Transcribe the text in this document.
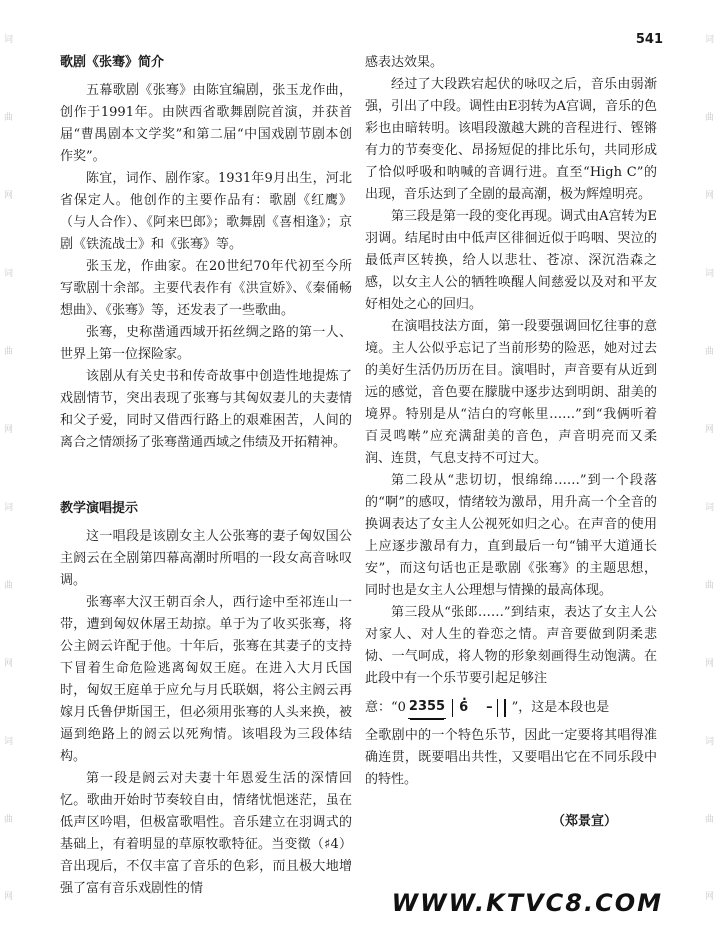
词
曲
网
词
曲
网
词
曲
网
词
曲
网
词
曲
网
词
曲
网
词
曲
网
词
曲
网
541
歌剧《张骞》简介

五幕歌剧《张骞》由陈宜编剧，张玉龙作曲，创作于1991年。由陕西省歌舞剧院首演，并获首届“曹禺剧本文学奖”和第二届“中国戏剧节剧本创作奖”。

陈宜，词作、剧作家。1931年9月出生，河北省保定人。他创作的主要作品有：歌剧《红鹰》（与人合作）、《阿来巴郎》；歌舞剧《喜相逢》；京剧《铁流战士》和《张骞》等。

张玉龙，作曲家。在20世纪70年代初至今所写歌剧十余部。主要代表作有《洪宣娇》、《秦俑畅想曲》、《张骞》等，还发表了一些歌曲。

张骞，史称凿通西域开拓丝绸之路的第一人、世界上第一位探险家。

该剧从有关史书和传奇故事中创造性地提炼了戏剧情节，突出表现了张骞与其匈奴妻儿的夫妻情和父子爱，同时又借西行路上的艰难困苦，人间的离合之情颂扬了张骞凿通西域之伟绩及开拓精神。

教学演唱提示

这一唱段是该剧女主人公张骞的妻子匈奴国公主阏云在全剧第四幕高潮时所唱的一段女高音咏叹调。

张骞率大汉王朝百余人，西行途中至祁连山一带，遭到匈奴休屠王劫掠。单于为了收买张骞，将公主阏云许配于他。十年后，张骞在其妻子的支持下冒着生命危险逃离匈奴王庭。在进入大月氏国时，匈奴王庭单于应允与月氏联姻，将公主阏云再嫁月氏鲁伊斯国王，但必须用张骞的人头来换，被逼到绝路上的阏云以死殉情。该唱段为三段体结构。

第一段是阏云对夫妻十年恩爱生活的深情回忆。歌曲开始时节奏较自由，情绪忧悒迷茫，虽在低声区吟唱，但极富歌唱性。音乐建立在羽调式的基础上，有着明显的草原牧歌特征。当变徵（♯4）音出现后，不仅丰富了音乐的色彩，而且极大地增强了富有音乐戏剧性的情

感表达效果。

经过了大段跌宕起伏的咏叹之后，音乐由弱渐强，引出了中段。调性由E羽转为A宫调，音乐的色彩也由暗转明。该唱段激越大跳的音程进行、铿锵有力的节奏变化、昂扬短促的排比乐句，共同形成了恰似呼吸和呐喊的音调行进。直至“High C”的出现，音乐达到了全剧的最高潮，极为辉煌明亮。

第三段是第一段的变化再现。调式由A宫转为E羽调。结尾时由中低声区徘徊近似于呜咽、哭泣的最低声区转换，给人以悲壮、苍凉、深沉浩森之感，以女主人公的牺牲唤醒人间慈爱以及对和平友好相处之心的回归。

在演唱技法方面，第一段要强调回忆往事的意境。主人公似乎忘记了当前形势的险恶，她对过去的美好生活仍历历在目。演唱时，声音要有从近到远的感觉，音色要在朦胧中逐步达到明朗、甜美的境界。特别是从“洁白的穹帐里……”到“我俩听着百灵鸣啭”应充满甜美的音色，声音明亮而又柔润、连贯，气息支持不可过大。

第二段从“悲切切，恨绵绵……”到一个段落的“啊”的感叹，情绪较为激昂，用升高一个全音的换调表达了女主人公视死如归之心。在声音的使用上应逐步激昂有力，直到最后一句“铺平大道通长安”，而这句话也正是歌剧《张骞》的主题思想，同时也是女主人公理想与情操的最高体现。

第三段从“张郎……”到结束，表达了女主人公对家人、对人生的眷恋之情。声音要做到阴柔悲恸、一气呵成，将人物的形象刻画得生动饱满。在此段中有一个乐节要引起足够注

意：“0 2355 6 · – ”，这是本段也是

全歌剧中的一个特色乐节，因此一定要将其唱得准确连贯，既要唱出共性，又要唱出它在不同乐段中的特性。

（郑景宣）
WWW.KTVC8.COM
